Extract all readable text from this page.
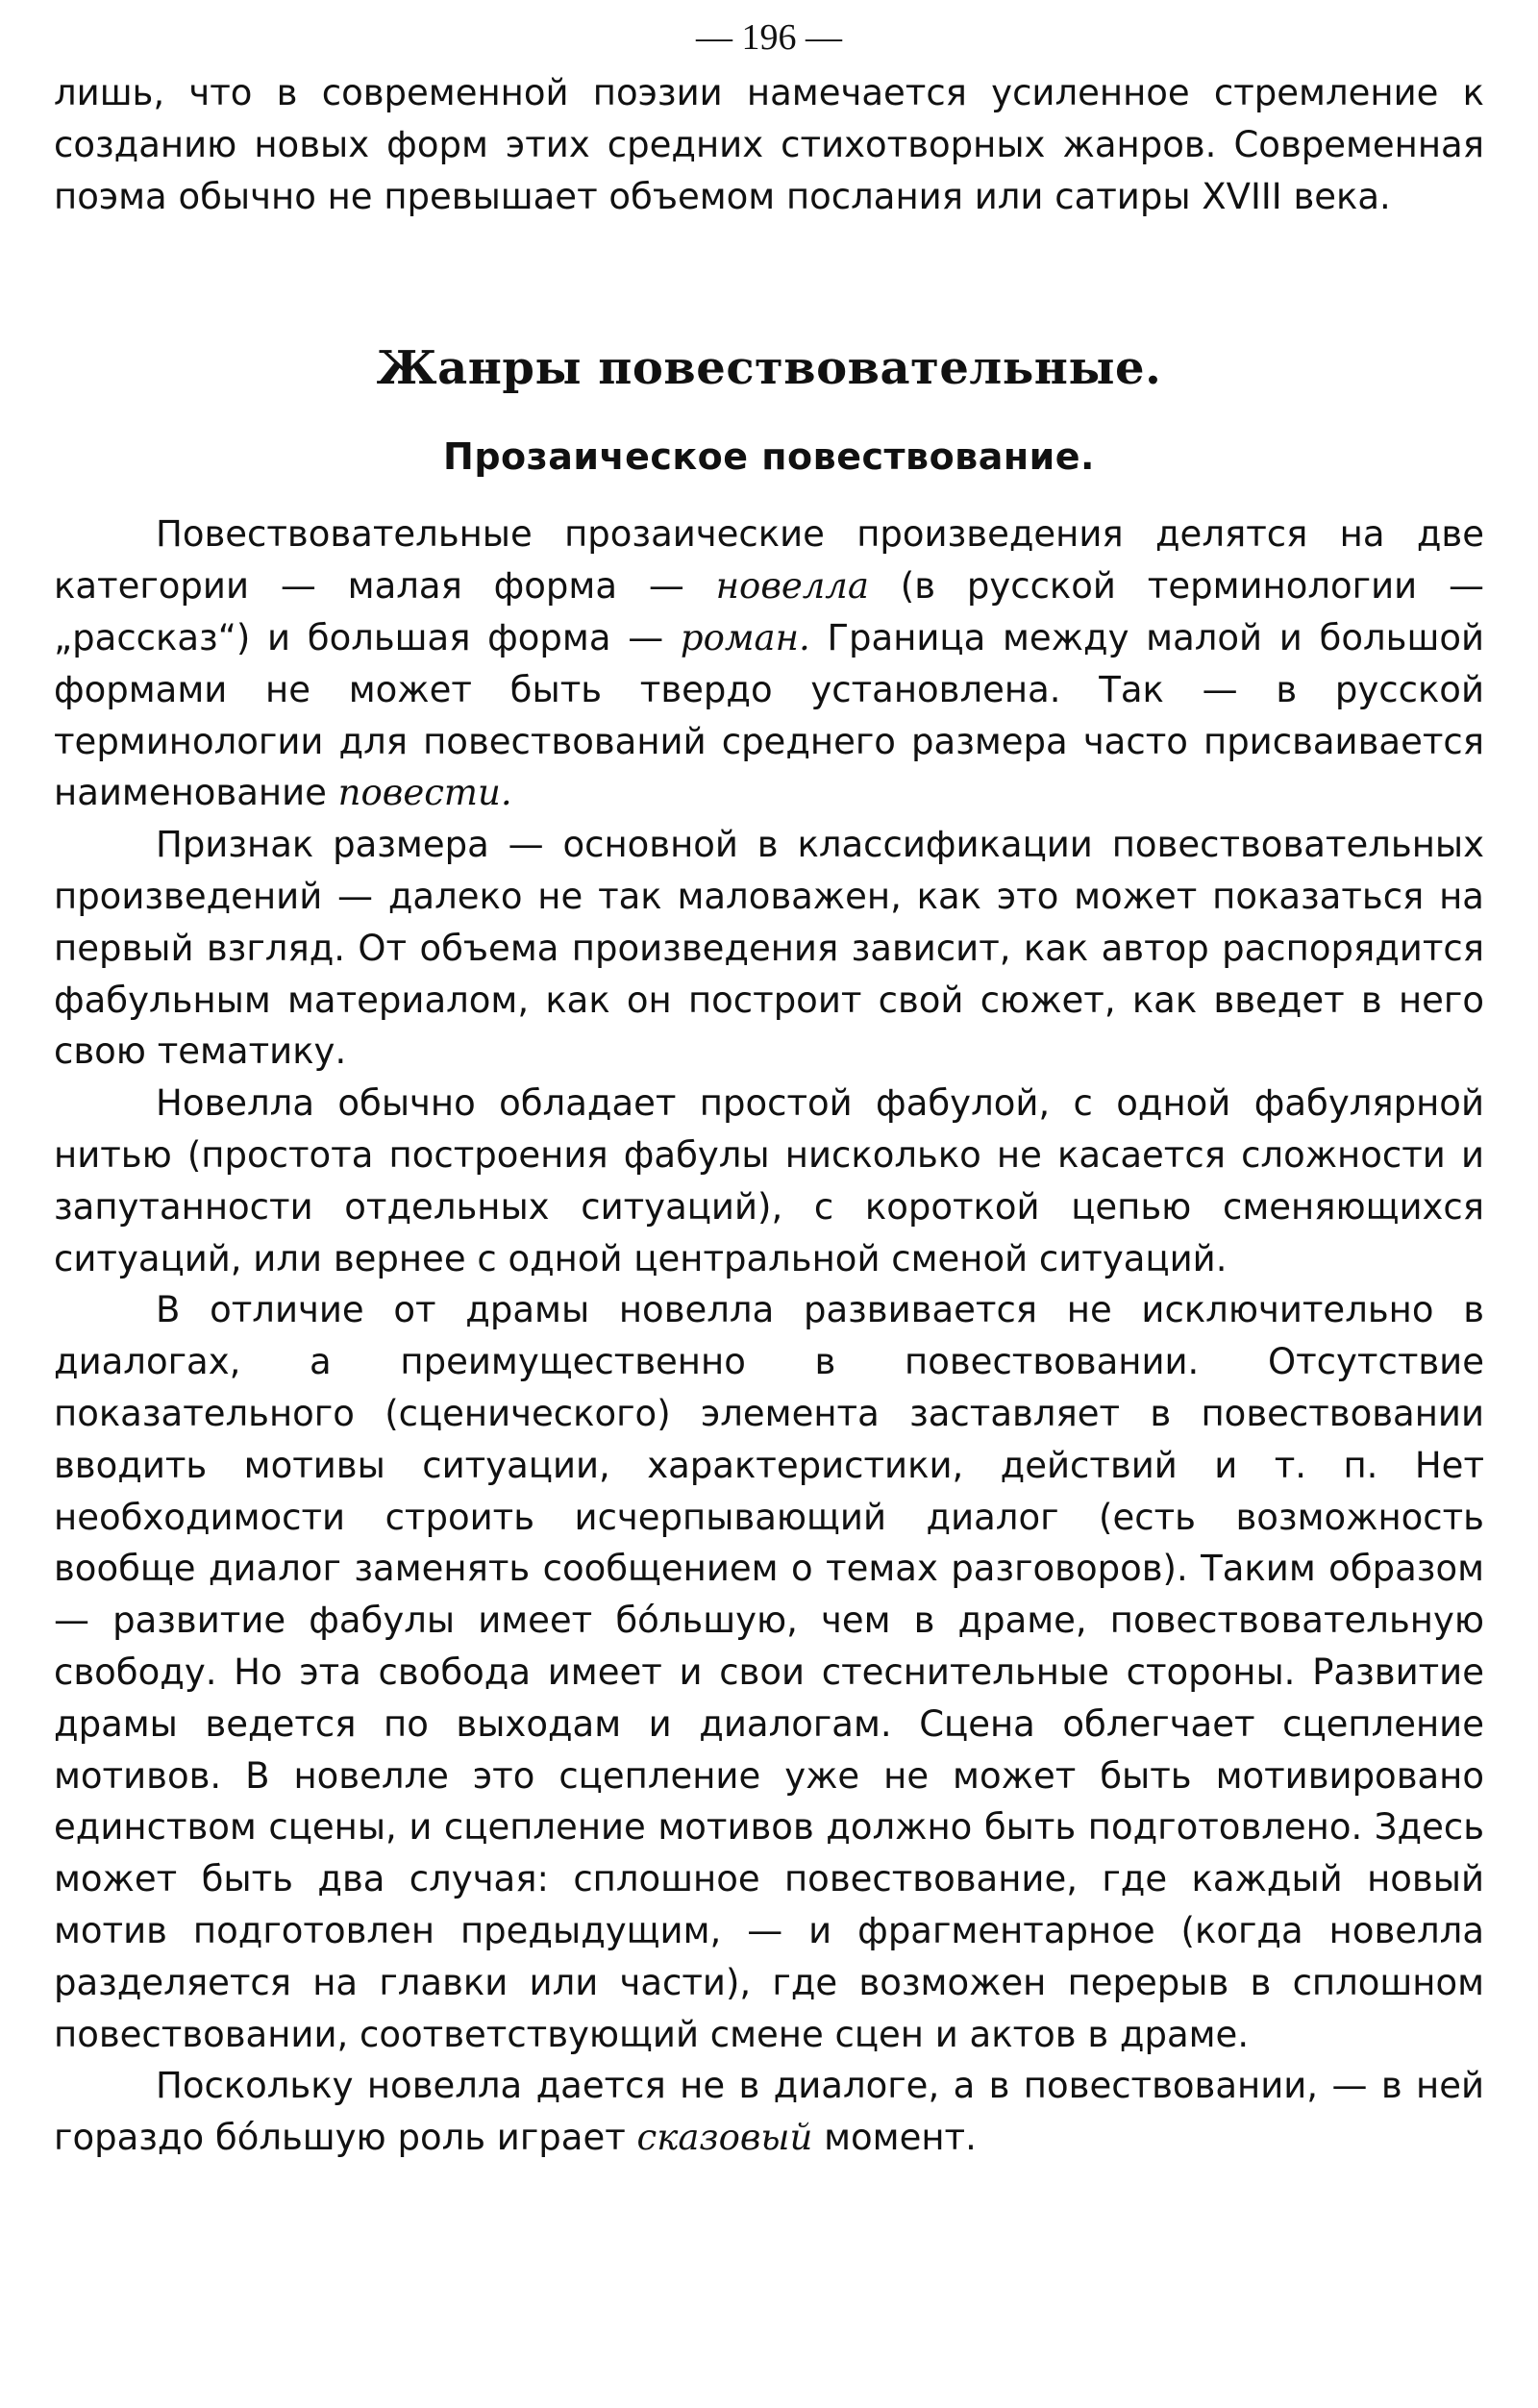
— 196 —

лишь, что в современной поэзии намечается усиленное стремление к созданию новых форм этих средних стихотворных жанров. Современная поэма обычно не превышает объемом послания или сатиры XVIII века.

Жанры повествовательные.
Прозаическое повествование.

Повествовательные прозаические произведения делятся на две категории — малая форма — новелла (в русской терминологии — „рассказ“) и большая форма — роман. Граница между малой и большой формами не может быть твердо установлена. Так — в русской терминологии для повествований среднего размера часто присваивается наименование повести.

Признак размера — основной в классификации повествовательных произведений — далеко не так маловажен, как это может показаться на первый взгляд. От объема произведения зависит, как автор распорядится фабульным материалом, как он построит свой сюжет, как введет в него свою тематику.

Новелла обычно обладает простой фабулой, с одной фабулярной нитью (простота построения фабулы нисколько не касается сложности и запутанности отдельных ситуаций), с короткой цепью сменяющихся ситуаций, или вернее с одной центральной сменой ситуаций.

В отличие от драмы новелла развивается не исключительно в диалогах, а преимущественно в повествовании. Отсутствие показательного (сценического) элемента заставляет в повествовании вводить мотивы ситуации, характеристики, действий и т. п. Нет необходимости строить исчерпывающий диалог (есть возможность вообще диалог заменять сообщением о темах разговоров). Таким образом — развитие фабулы имеет бóльшую, чем в драме, повествовательную свободу. Но эта свобода имеет и свои стеснительные стороны. Развитие драмы ведется по выходам и диалогам. Сцена облегчает сцепление мотивов. В новелле это сцепление уже не может быть мотивировано единством сцены, и сцепление мотивов должно быть подготовлено. Здесь может быть два случая: сплошное повествование, где каждый новый мотив подготовлен предыдущим, — и фрагментарное (когда новелла разделяется на главки или части), где возможен перерыв в сплошном повествовании, соответствующий смене сцен и актов в драме.

Поскольку новелла дается не в диалоге, а в повествовании, — в ней гораздо бóльшую роль играет сказовый момент.
